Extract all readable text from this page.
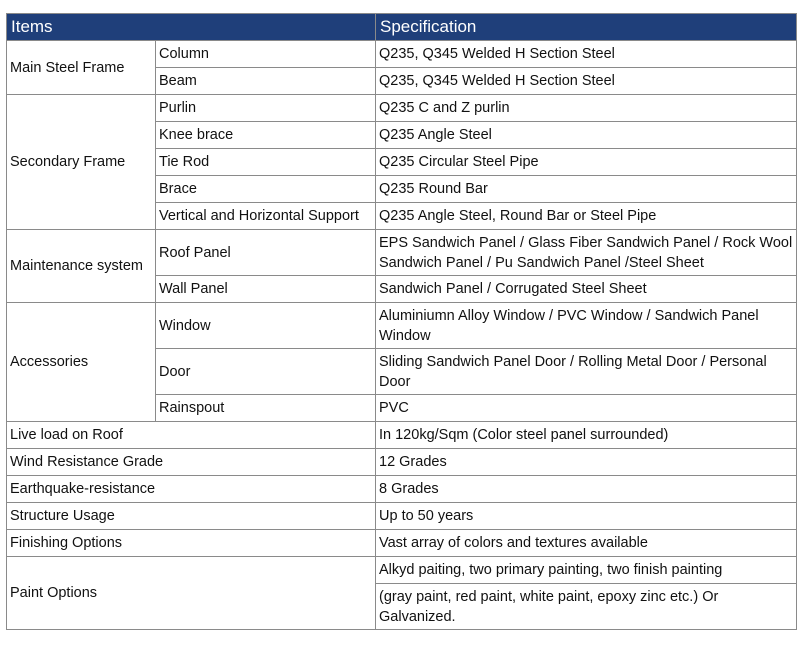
Items		Specification
Main Steel Frame	Column	Q235, Q345 Welded H Section Steel
	Beam	Q235, Q345 Welded H Section Steel
Secondary Frame	Purlin	Q235 C and Z purlin
	Knee brace	Q235 Angle Steel
	Tie Rod	Q235 Circular Steel Pipe
	Brace	Q235 Round Bar
	Vertical and Horizontal Support	Q235 Angle Steel, Round Bar or Steel Pipe
Maintenance system	Roof Panel	EPS Sandwich Panel / Glass Fiber Sandwich Panel / Rock Wool Sandwich Panel / Pu Sandwich Panel /Steel Sheet
	Wall Panel	Sandwich Panel / Corrugated Steel Sheet
Accessories	Window	Aluminiumn Alloy Window / PVC Window / Sandwich Panel Window
	Door	Sliding Sandwich Panel Door / Rolling Metal Door / Personal Door
	Rainspout	PVC
Live load on Roof		In 120kg/Sqm (Color steel panel surrounded)
Wind Resistance Grade		12 Grades
Earthquake-resistance		8 Grades
Structure Usage		Up to 50 years
Finishing Options		Vast array of colors and textures available
Paint Options		Alkyd paiting, two primary painting, two finish painting
		(gray paint, red paint, white paint, epoxy zinc etc.) Or Galvanized.
